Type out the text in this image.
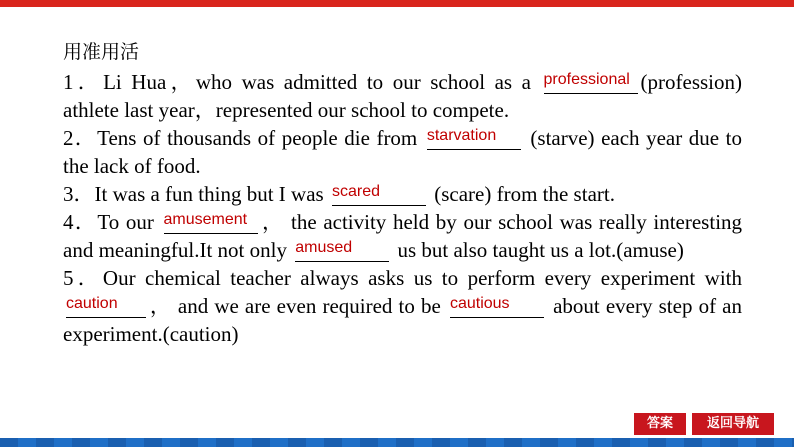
用准用活
1．Li Hua，who was admitted to our school as a professional (profession) athlete last year，represented our school to compete.
2．Tens of thousands of people die from starvation	(starve) each year due to the lack of food.
3．It was a fun thing but I was scared	(scare) from the start.
4．To our amusement ， the activity held by our school was really interesting and meaningful.It not only amused	us but also taught us a lot.(amuse)
5．Our chemical teacher always asks us to perform every experiment with
caution	， and we are even required to be cautious	about every step of an experiment.(caution)
答案	返回导航
